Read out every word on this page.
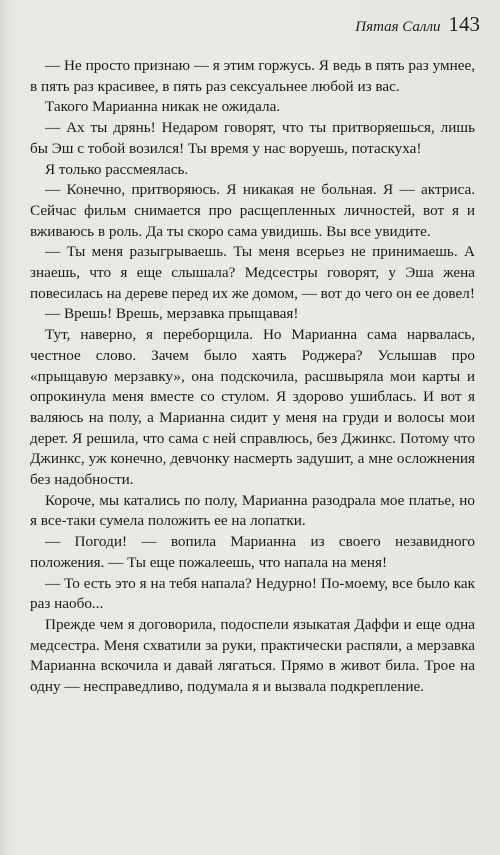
Пятая Салли 143

— Не просто признаю — я этим горжусь. Я ведь в пять раз умнее, в пять раз красивее, в пять раз сексуальнее любой из вас.

Такого Марианна никак не ожидала.

— Ах ты дрянь! Недаром говорят, что ты притворяешься, лишь бы Эш с тобой возился! Ты время у нас воруешь, потаскуха!

Я только рассмеялась.

— Конечно, притворяюсь. Я никакая не больная. Я — актриса. Сейчас фильм снимается про расщепленных личностей, вот я и вживаюсь в роль. Да ты скоро сама увидишь. Вы все увидите.

— Ты меня разыгрываешь. Ты меня всерьез не принимаешь. А знаешь, что я еще слышала? Медсестры говорят, у Эша жена повесилась на дереве перед их же домом, — вот до чего он ее довел!

— Врешь! Врешь, мерзавка прыщавая!

Тут, наверно, я переборщила. Но Марианна сама нарвалась, честное слово. Зачем было хаять Роджера? Услышав про «прыщавую мерзавку», она подскочила, расшвыряла мои карты и опрокинула меня вместе со стулом. Я здорово ушиблась. И вот я валяюсь на полу, а Марианна сидит у меня на груди и волосы мои дерет. Я решила, что сама с ней справлюсь, без Джинкс. Потому что Джинкс, уж конечно, девчонку насмерть задушит, а мне осложнения без надобности.

Короче, мы катались по полу, Марианна разодрала мое платье, но я все-таки сумела положить ее на лопатки.

— Погоди! — вопила Марианна из своего незавидного положения. — Ты еще пожалеешь, что напала на меня!

— То есть это я на тебя напала? Недурно! По-моему, все было как раз наобо...

Прежде чем я договорила, подоспели языкатая Даффи и еще одна медсестра. Меня схватили за руки, практически распяли, а мерзавка Марианна вскочила и давай лягаться. Прямо в живот била. Трое на одну — несправедливо, подумала я и вызвала подкрепление.
